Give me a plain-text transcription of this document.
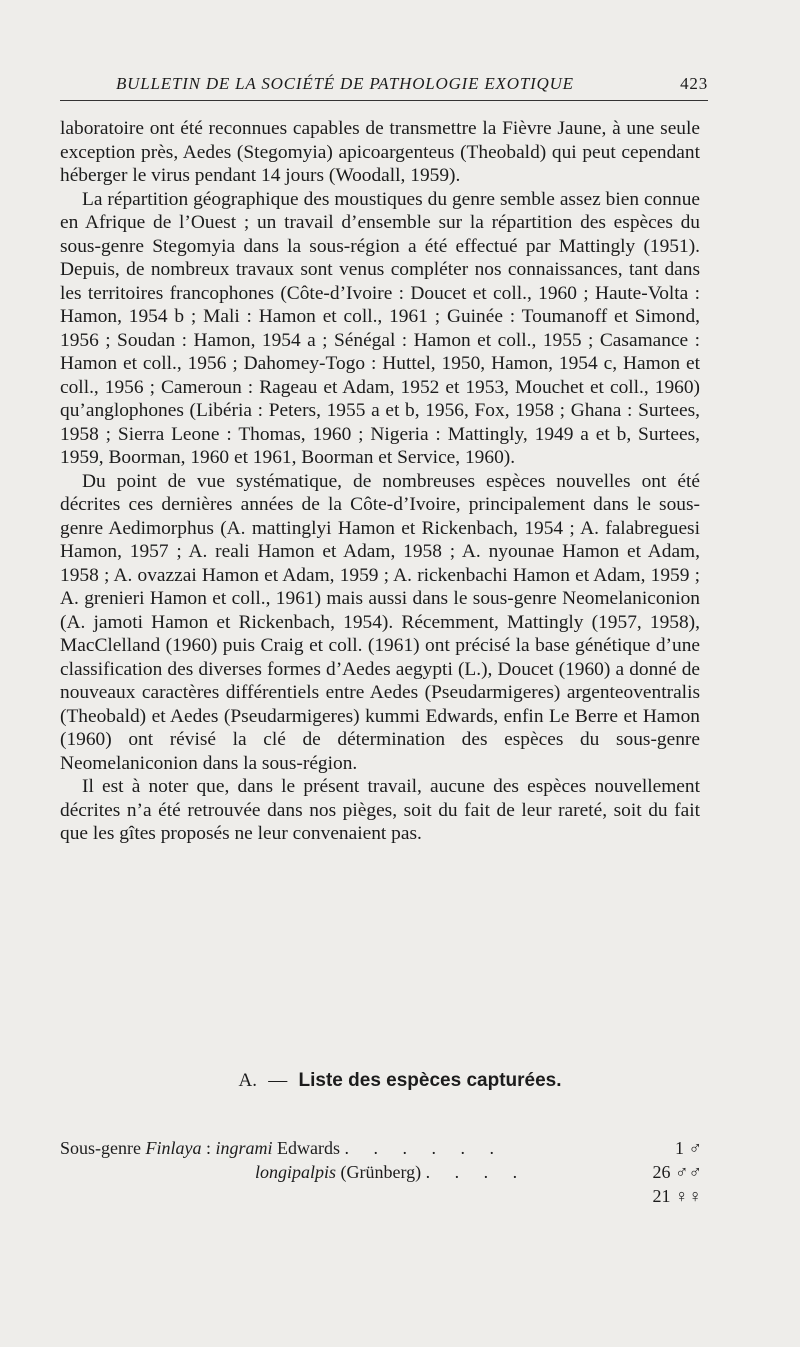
BULLETIN DE LA SOCIÉTÉ DE PATHOLOGIE EXOTIQUE	423

laboratoire ont été reconnues capables de transmettre la Fièvre Jaune, à une seule exception près, Aedes (Stegomyia) apicoargenteus (Theobald) qui peut cependant héberger le virus pendant 14 jours (Woodall, 1959).

La répartition géographique des moustiques du genre semble assez bien connue en Afrique de l’Ouest ; un travail d’ensemble sur la répartition des espèces du sous-genre Stegomyia dans la sous-région a été effectué par Mattingly (1951). Depuis, de nombreux travaux sont venus compléter nos connaissances, tant dans les territoires francophones (Côte-d’Ivoire : Doucet et coll., 1960 ; Haute-Volta : Hamon, 1954 b ; Mali : Hamon et coll., 1961 ; Guinée : Toumanoff et Simond, 1956 ; Soudan : Hamon, 1954 a ; Sénégal : Hamon et coll., 1955 ; Casamance : Hamon et coll., 1956 ; Dahomey-Togo : Huttel, 1950, Hamon, 1954 c, Hamon et coll., 1956 ; Cameroun : Rageau et Adam, 1952 et 1953, Mouchet et coll., 1960) qu’anglophones (Libéria : Peters, 1955 a et b, 1956, Fox, 1958 ; Ghana : Surtees, 1958 ; Sierra Leone : Thomas, 1960 ; Nigeria : Mattingly, 1949 a et b, Surtees, 1959, Boorman, 1960 et 1961, Boorman et Service, 1960).

Du point de vue systématique, de nombreuses espèces nouvelles ont été décrites ces dernières années de la Côte-d’Ivoire, principalement dans le sous-genre Aedimorphus (A. mattinglyi Hamon et Rickenbach, 1954 ; A. falabreguesi Hamon, 1957 ; A. reali Hamon et Adam, 1958 ; A. nyounae Hamon et Adam, 1958 ; A. ovazzai Hamon et Adam, 1959 ; A. rickenbachi Hamon et Adam, 1959 ; A. grenieri Hamon et coll., 1961) mais aussi dans le sous-genre Neomelaniconion (A. jamoti Hamon et Rickenbach, 1954). Récemment, Mattingly (1957, 1958), MacClelland (1960) puis Craig et coll. (1961) ont précisé la base génétique d’une classification des diverses formes d’Aedes aegypti (L.), Doucet (1960) a donné de nouveaux caractères différentiels entre Aedes (Pseudarmigeres) argenteoventralis (Theobald) et Aedes (Pseudarmigeres) kummi Edwards, enfin Le Berre et Hamon (1960) ont révisé la clé de détermination des espèces du sous-genre Neomelaniconion dans la sous-région.

Il est à noter que, dans le présent travail, aucune des espèces nouvellement décrites n’a été retrouvée dans nos pièges, soit du fait de leur rareté, soit du fait que les gîtes proposés ne leur convenaient pas.

A. — Liste des espèces capturées.
Sous-genre Finlaya : ingrami Edwards . . . . . .	1 ♂
longipalpis (Grünberg) . . . .	26 ♂♂
21 ♀♀
